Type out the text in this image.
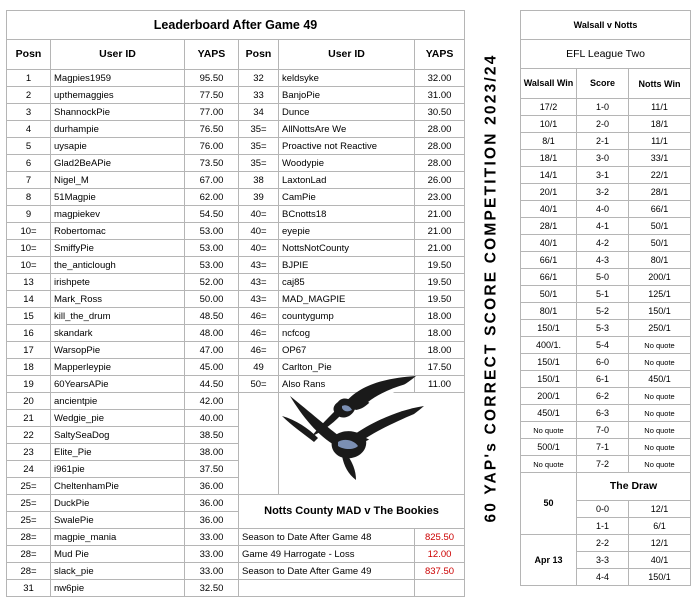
Leaderboard After Game 49					
Posn	User ID	YAPS	Posn	User ID	YAPS
1	Magpies1959	95.50	32	keldsyke	32.00
2	upthemaggies	77.50	33	BanjoPie	31.00
3	ShannockPie	77.00	34	Dunce	30.50
4	durhampie	76.50	35=	AllNottsAre We	28.00
5	uysapie	76.00	35=	Proactive not Reactive	28.00
6	Glad2BeAPie	73.50	35=	Woodypie	28.00
7	Nigel_M	67.00	38	LaxtonLad	26.00
8	51Magpie	62.00	39	CamPie	23.00
9	magpiekev	54.50	40=	BCnotts18	21.00
10=	Robertomac	53.00	40=	eyepie	21.00
10=	SmiffyPie	53.00	40=	NottsNotCounty	21.00
10=	the_anticlough	53.00	43=	BJPIE	19.50
13	irishpete	52.00	43=	caj85	19.50
14	Mark_Ross	50.00	43=	MAD_MAGPIE	19.50
15	kill_the_drum	48.50	46=	countygump	18.00
16	skandark	48.00	46=	ncfcog	18.00
17	WarsopPie	47.00	46=	OP67	18.00
18	Mapperleypie	45.00	49	Carlton_Pie	17.50
19	60YearsAPie	44.50	50=	Also Rans	11.00
20	ancientpie	42.00			
21	Wedgie_pie	40.00			
22	SaltySeaDog	38.50			
23	Elite_Pie	38.00			
24	i961pie	37.50			
25=	CheltenhamPie	36.00			
25=	DuckPie	36.00	Notts County MAD v The Bookies		
25=	SwalePie	36.00			
28=	magpie_mania	33.00	Season to Date After Game 48		825.50
28=	Mud Pie	33.00	Game 49 Harrogate - Loss		12.00
28=	slack_pie	33.00	Season to Date After Game 49		837.50
31	nw6pie	32.50			
60 YAP's CORRECT SCORE COMPETITION 2023/24
Walsall v Notts		
EFL League Two		
Walsall Win	Score	Notts Win
17/2	1-0	11/1
10/1	2-0	18/1
8/1	2-1	11/1
18/1	3-0	33/1
14/1	3-1	22/1
20/1	3-2	28/1
40/1	4-0	66/1
28/1	4-1	50/1
40/1	4-2	50/1
66/1	4-3	80/1
66/1	5-0	200/1
50/1	5-1	125/1
80/1	5-2	150/1
150/1	5-3	250/1
400/1.	5-4	No quote
150/1	6-0	No quote
150/1	6-1	450/1
200/1	6-2	No quote
450/1	6-3	No quote
No quote	7-0	No quote
500/1	7-1	No quote
No quote	7-2	No quote
50	The Draw	
	0-0	12/1
	1-1	6/1
Apr 13	2-2	12/1
	3-3	40/1
	4-4	150/1
